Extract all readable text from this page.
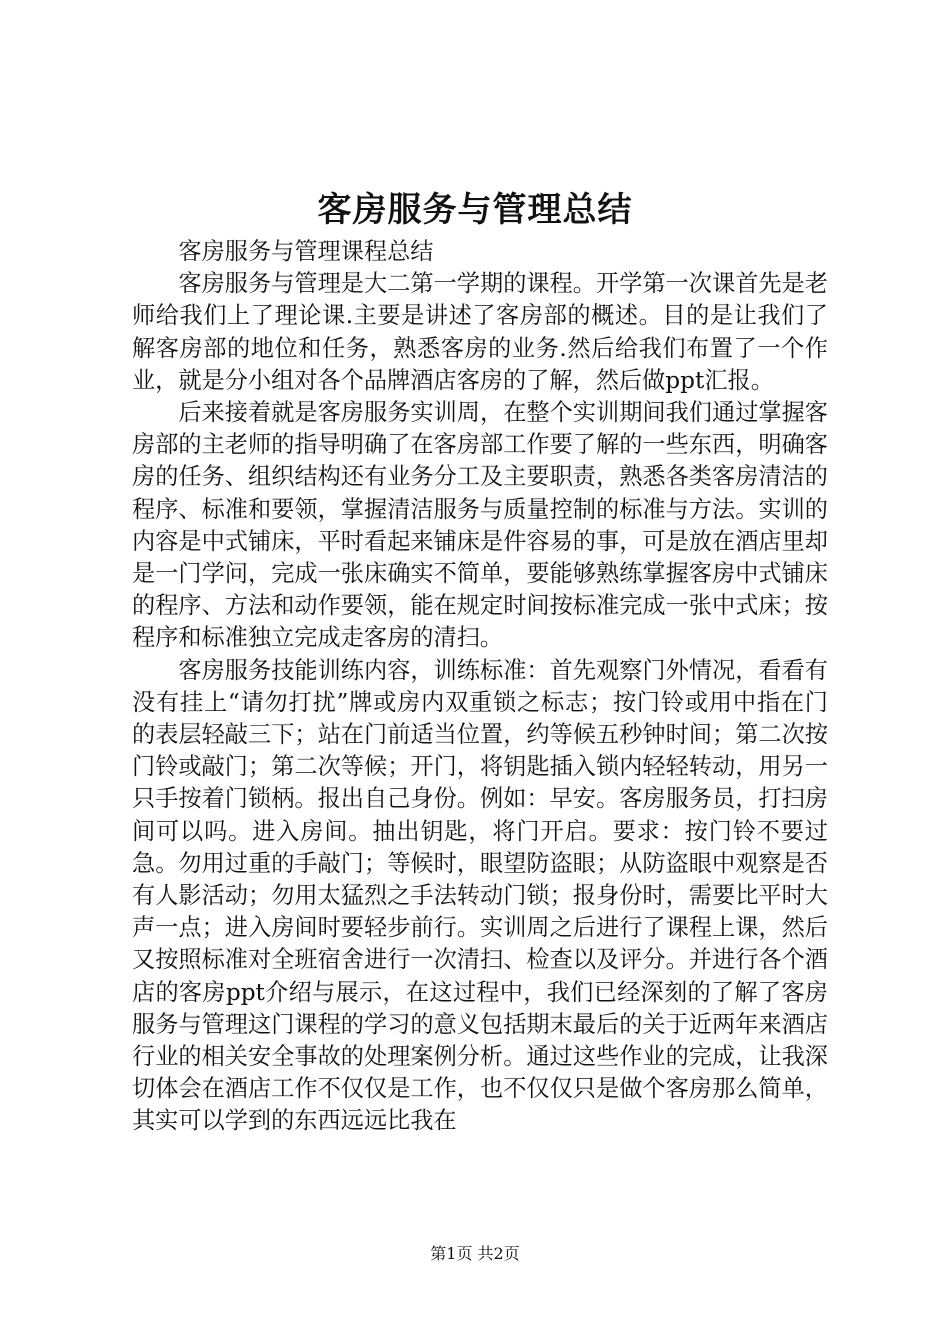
客房服务与管理总结

客房服务与管理课程总结

客房服务与管理是大二第一学期的课程。开学第一次课首先是老师给我们上了理论课.主要是讲述了客房部的概述。目的是让我们了解客房部的地位和任务，熟悉客房的业务.然后给我们布置了一个作业，就是分小组对各个品牌酒店客房的了解，然后做ppt汇报。

后来接着就是客房服务实训周，在整个实训期间我们通过掌握客房部的主老师的指导明确了在客房部工作要了解的一些东西，明确客房的任务、组织结构还有业务分工及主要职责，熟悉各类客房清洁的程序、标准和要领，掌握清洁服务与质量控制的标准与方法。实训的内容是中式铺床，平时看起来铺床是件容易的事，可是放在酒店里却是一门学问，完成一张床确实不简单，要能够熟练掌握客房中式铺床的程序、方法和动作要领，能在规定时间按标准完成一张中式床；按程序和标准独立完成走客房的清扫。

客房服务技能训练内容，训练标准：首先观察门外情况，看看有没有挂上“请勿打扰”牌或房内双重锁之标志；按门铃或用中指在门的表层轻敲三下；站在门前适当位置，约等候五秒钟时间；第二次按门铃或敲门；第二次等候；开门，将钥匙插入锁内轻轻转动，用另一只手按着门锁柄。报出自己身份。例如：早安。客房服务员，打扫房间可以吗。进入房间。抽出钥匙，将门开启。要求：按门铃不要过急。勿用过重的手敲门；等候时，眼望防盗眼；从防盗眼中观察是否有人影活动；勿用太猛烈之手法转动门锁；报身份时，需要比平时大声一点；进入房间时要轻步前行。实训周之后进行了课程上课，然后又按照标准对全班宿舍进行一次清扫、检查以及评分。并进行各个酒店的客房ppt介绍与展示，在这过程中，我们已经深刻的了解了客房服务与管理这门课程的学习的意义包括期末最后的关于近两年来酒店行业的相关安全事故的处理案例分析。通过这些作业的完成，让我深切体会在酒店工作不仅仅是工作，也不仅仅只是做个客房那么简单，其实可以学到的东西远远比我在

第1页 共2页
